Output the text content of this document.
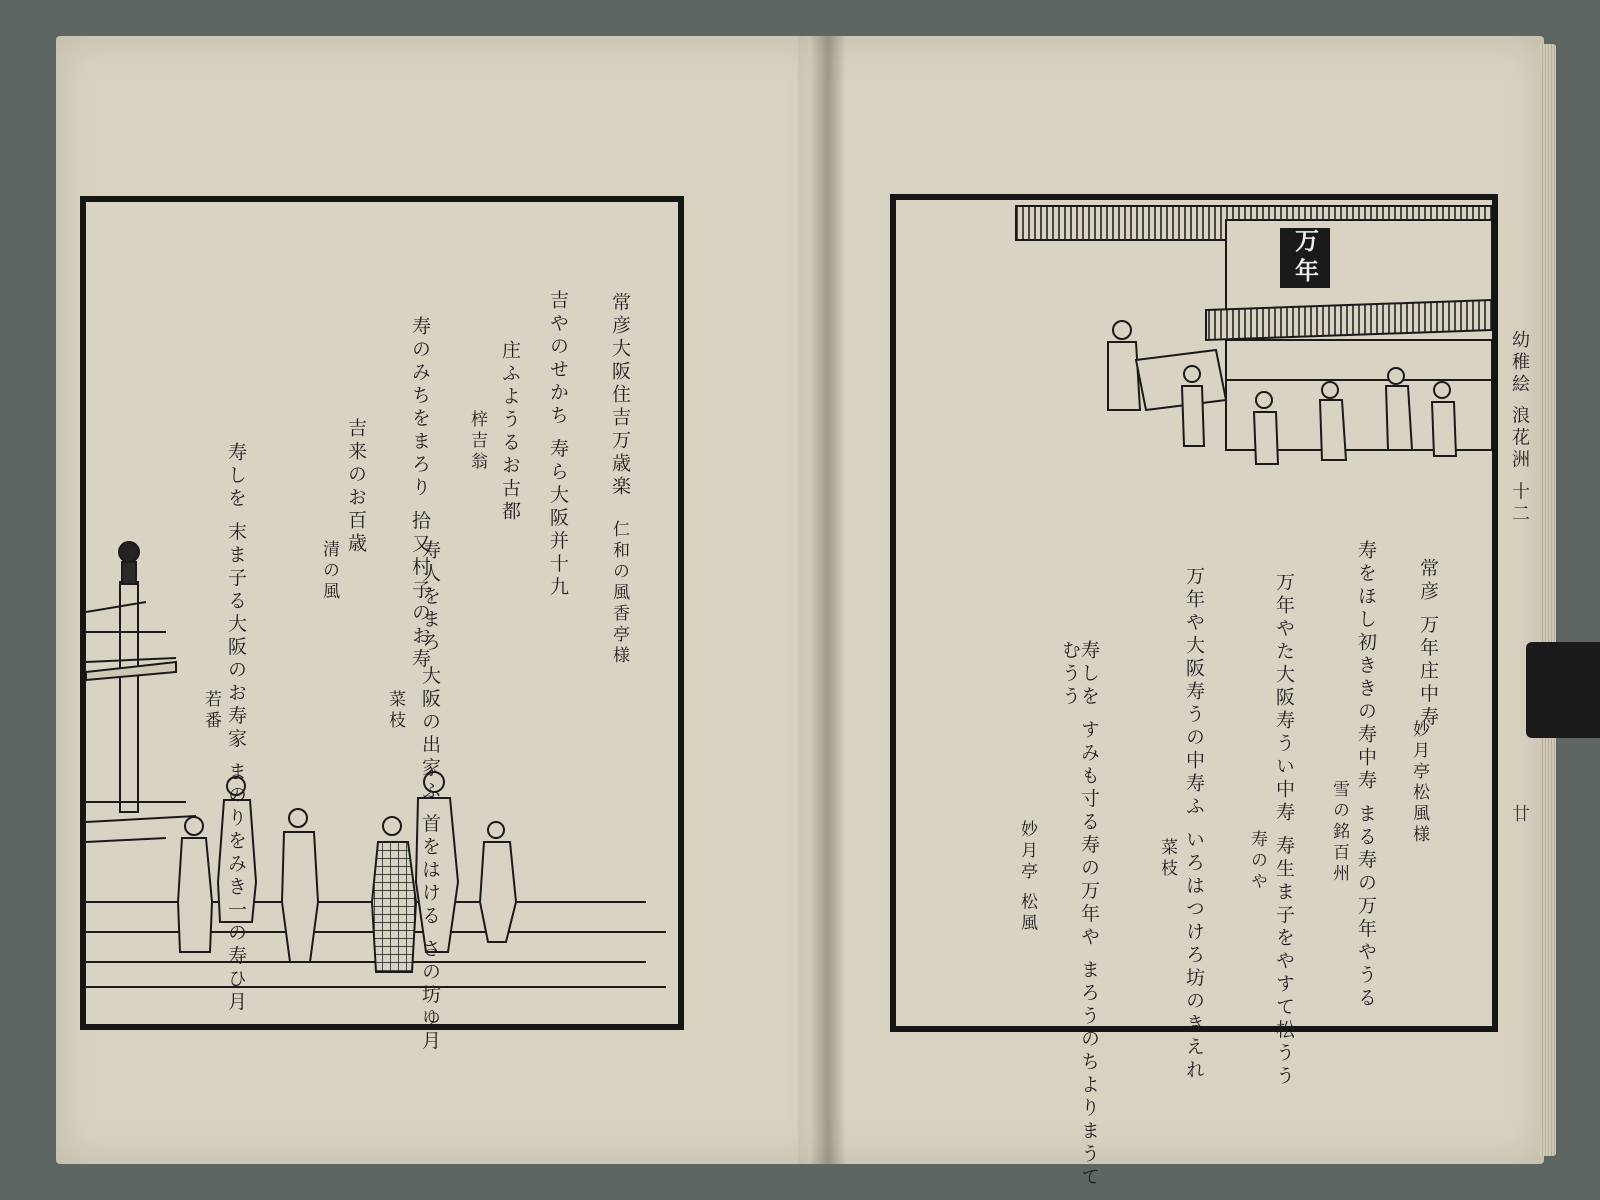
常彦大阪住吉万歳楽
仁和の風香亭様
吉やのせかち 寿ら大阪并十九
梓吉翁 庄ふようるお古都
寿のみちをまろり 拾又村子のお寿
清の風
吉来のお百歳
寿人をまろ 大阪の出家ふ 首をはける さの坊ゆ月
菜枝
寿しを 末ま子る大阪のお寿家 まのりをみき一の寿ひ月
若番
万年
常彦 万年庄中寿
妙月亭松風様
寿をほし初ききの寿中寿 まる寿の万年やうる
雪の銘百州
万年やた大阪寿うい中寿 寿生ま子をやすて松うう
寿のや
万年や大阪寿うの中寿ふ いろはつけろ坊のきえれ
菜枝
寿しを すみも寸る寿の万年や まろうのちよりまうてむうう
妙月亭 松風
幼稚絵 浪花洲 十二
廿
